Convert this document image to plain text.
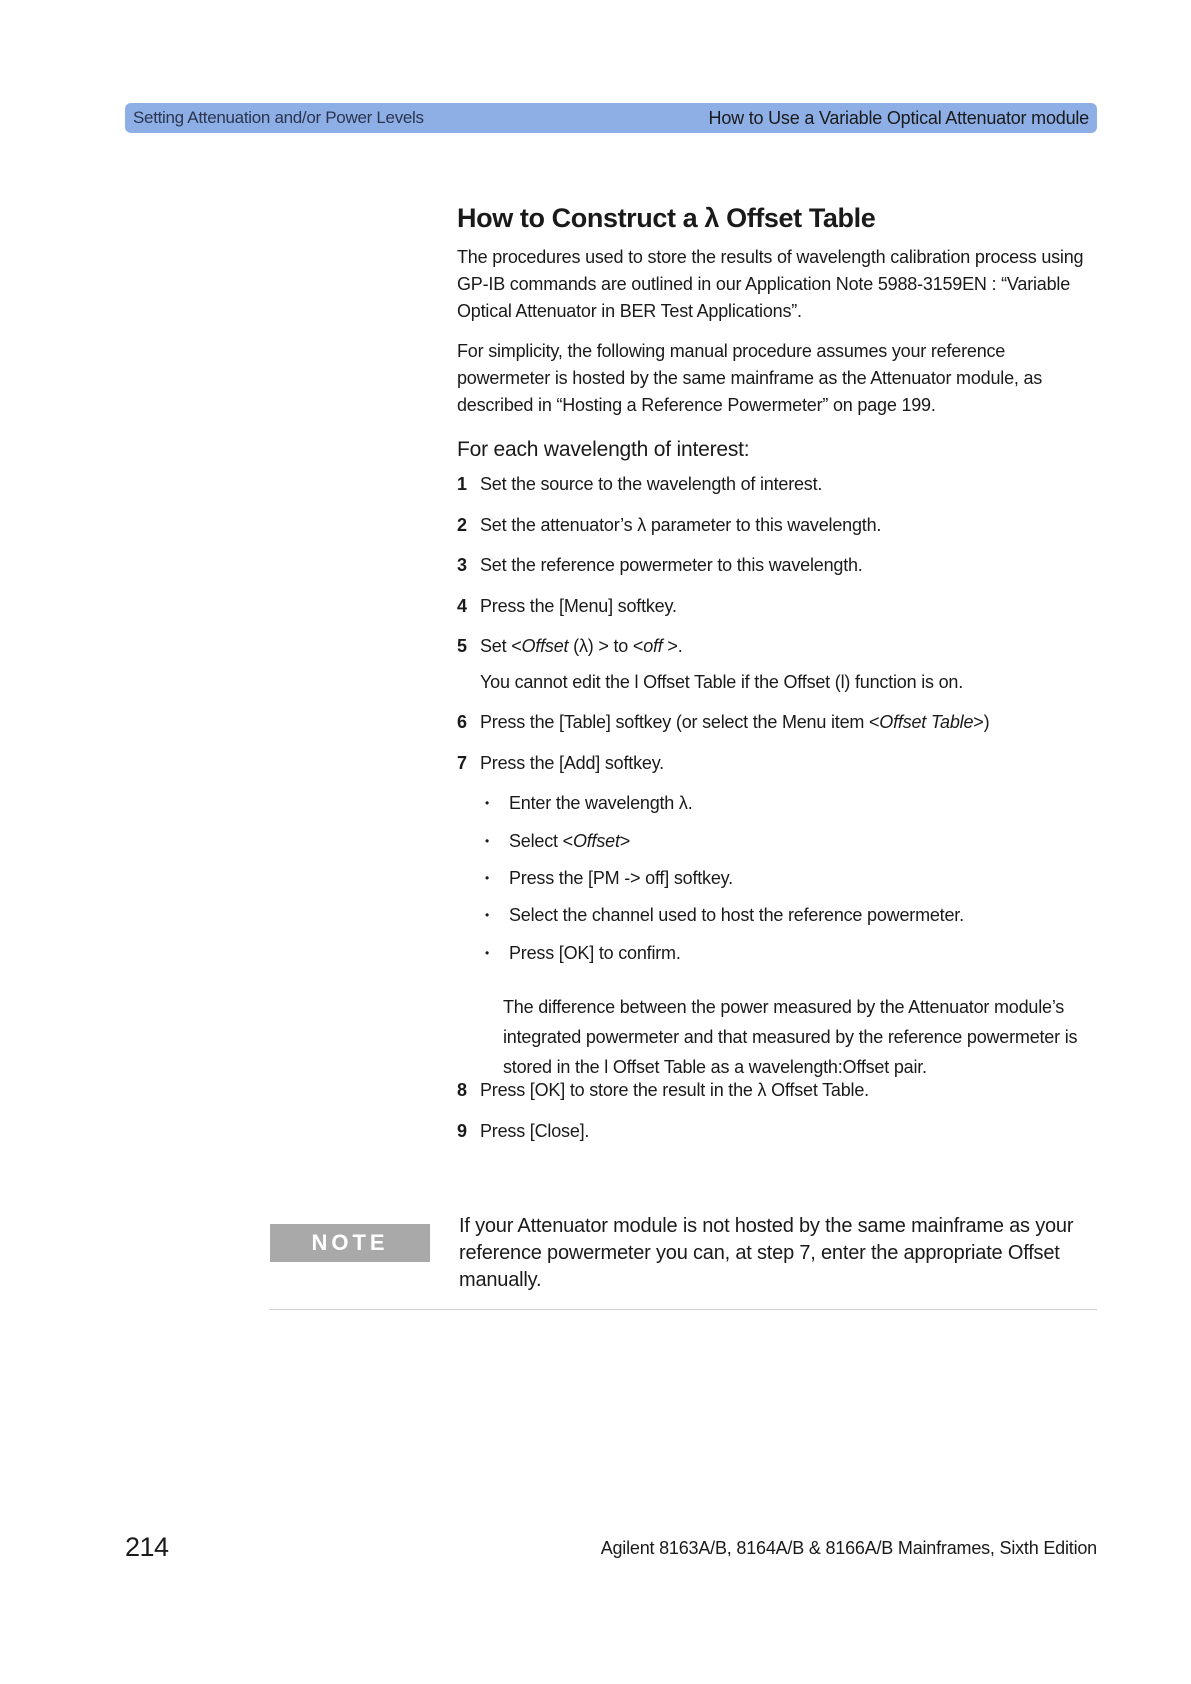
Setting Attenuation and/or Power Levels	How to Use a Variable Optical Attenuator module
How to Construct a λ Offset Table

The procedures used to store the results of wavelength calibration process using GP-IB commands are outlined in our Application Note 5988-3159EN : “Variable Optical Attenuator in BER Test Applications”.

For simplicity, the following manual procedure assumes your reference powermeter is hosted by the same mainframe as the Attenuator module, as described in “Hosting a Reference Powermeter” on page 199.

For each wavelength of interest:

1 Set the source to the wavelength of interest.
2 Set the attenuator’s λ parameter to this wavelength.
3 Set the reference powermeter to this wavelength.
4 Press the [Menu] softkey.
5 Set <Offset (λ) > to <off >.
You cannot edit the l Offset Table if the Offset (l) function is on.
6 Press the [Table] softkey (or select the Menu item <Offset Table>)
7 Press the [Add] softkey.
• Enter the wavelength λ.
• Select <Offset>
• Press the [PM -> off] softkey.
• Select the channel used to host the reference powermeter.
• Press [OK] to confirm.

The difference between the power measured by the Attenuator module’s integrated powermeter and that measured by the reference powermeter is stored in the l Offset Table as a wavelength:Offset pair.

8 Press [OK] to store the result in the λ Offset Table.
9 Press [Close].
NOTE

If your Attenuator module is not hosted by the same mainframe as your reference powermeter you can, at step 7, enter the appropriate Offset manually.

214	Agilent 8163A/B, 8164A/B & 8166A/B Mainframes, Sixth Edition
